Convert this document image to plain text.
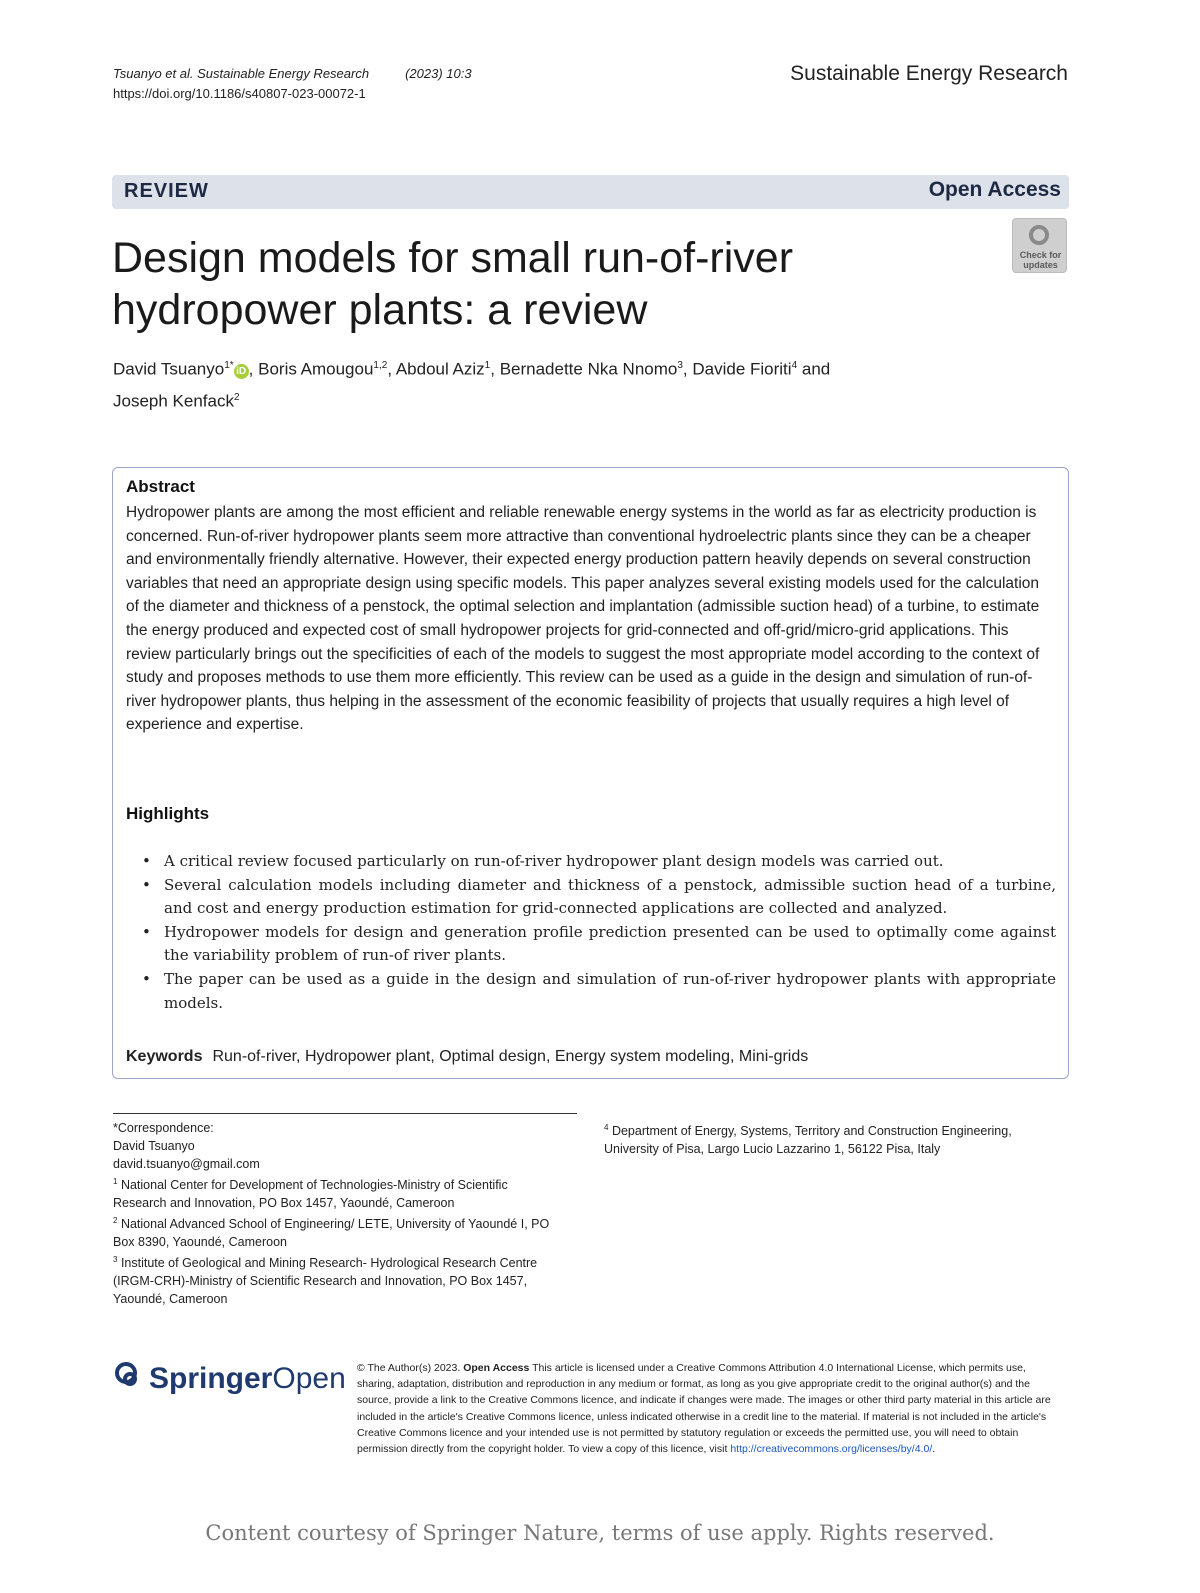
Tsuanyo et al. Sustainable Energy Research	(2023) 10:3
https://doi.org/10.1186/s40807-023-00072-1
Sustainable Energy Research
REVIEW	Open Access
Check for
updates
Design models for small run-of-river hydropower plants: a review
David Tsuanyo$^{1*}$iD , Boris Amougou$^{1,2}$, Abdoul Aziz$^1$, Bernadette Nka Nnomo$^3$, Davide Fioriti$^4$ and
Joseph Kenfack$^2$
Abstract

Hydropower plants are among the most efficient and reliable renewable energy systems in the world as far as electricity production is concerned. Run-of-river hydropower plants seem more attractive than conventional hydroelectric plants since they can be a cheaper and environmentally friendly alternative. However, their expected energy production pattern heavily depends on several construction variables that need an appropriate design using specific models. This paper analyzes several existing models used for the calculation of the diameter and thickness of a penstock, the optimal selection and implantation (admissible suction head) of a turbine, to estimate the energy produced and expected cost of small hydropower projects for grid-connected and off-grid/micro-grid applications. This review particularly brings out the specificities of each of the models to suggest the most appropriate model according to the context of study and proposes methods to use them more efficiently. This review can be used as a guide in the design and simulation of run-of-river hydropower plants, thus helping in the assessment of the economic feasibility of projects that usually requires a high level of experience and expertise.

Highlights
• A critical review focused particularly on run-of-river hydropower plant design models was carried out.
• Several calculation models including diameter and thickness of a penstock, admissible suction head of a turbine, and cost and energy production estimation for grid-connected applications are collected and analyzed.
• Hydropower models for design and generation profile prediction presented can be used to optimally come against the variability problem of run-of river plants.
• The paper can be used as a guide in the design and simulation of run-of-river hydropower plants with appropriate models.
Keywords Run-of-river, Hydropower plant, Optimal design, Energy system modeling, Mini-grids
*Correspondence:
David Tsuanyo
david.tsuanyo@gmail.com
$^1$ National Center for Development of Technologies-Ministry of Scientific Research and Innovation, PO Box 1457, Yaoundé, Cameroon
$^2$ National Advanced School of Engineering/ LETE, University of Yaoundé I, PO Box 8390, Yaoundé, Cameroon
$^3$ Institute of Geological and Mining Research- Hydrological Research Centre (IRGM-CRH)-Ministry of Scientific Research and Innovation, PO Box 1457, Yaoundé, Cameroon
$^4$ Department of Energy, Systems, Territory and Construction Engineering, University of Pisa, Largo Lucio Lazzarino 1, 56122 Pisa, Italy
SpringerOpen © The Author(s) 2023. Open Access This article is licensed under a Creative Commons Attribution 4.0 International License, which permits use, sharing, adaptation, distribution and reproduction in any medium or format, as long as you give appropriate credit to the original author(s) and the source, provide a link to the Creative Commons licence, and indicate if changes were made. The images or other third party material in this article are included in the article's Creative Commons licence, unless indicated otherwise in a credit line to the material. If material is not included in the article's Creative Commons licence and your intended use is not permitted by statutory regulation or exceeds the permitted use, you will need to obtain permission directly from the copyright holder. To view a copy of this licence, visit http://creativecommons.org/licenses/by/4.0/.
Content courtesy of Springer Nature, terms of use apply. Rights reserved.
